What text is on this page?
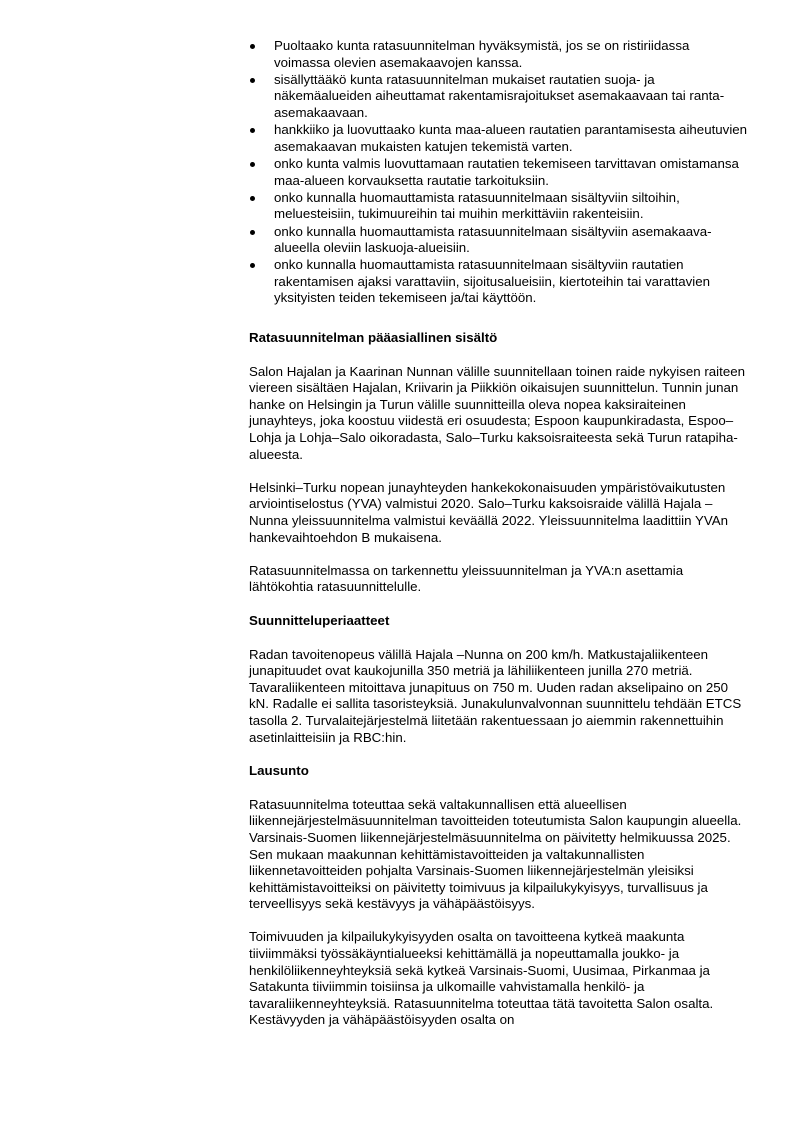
Puoltaako kunta ratasuunnitelman hyväksymistä, jos se on ristiriidassa voimassa olevien asemakaavojen kanssa.
sisällyttääkö kunta ratasuunnitelman mukaiset rautatien suoja- ja näkemäalueiden aiheuttamat rakentamisrajoitukset asemakaavaan tai ranta-asemakaavaan.
hankkiiko ja luovuttaako kunta maa-alueen rautatien parantamisesta aiheutuvien asemakaavan mukaisten katujen tekemistä varten.
onko kunta valmis luovuttamaan rautatien tekemiseen tarvittavan omistamansa maa-alueen korvauksetta rautatie tarkoituksiin.
onko kunnalla huomauttamista ratasuunnitelmaan sisältyviin siltoihin, meluesteisiin, tukimuureihin tai muihin merkittäviin rakenteisiin.
onko kunnalla huomauttamista ratasuunnitelmaan sisältyviin asemakaava-alueella oleviin laskuoja-alueisiin.
onko kunnalla huomauttamista ratasuunnitelmaan sisältyviin rautatien rakentamisen ajaksi varattaviin, sijoitusalueisiin, kiertoteihin tai varattavien yksityisten teiden tekemiseen ja/tai käyttöön.
Ratasuunnitelman pääasiallinen sisältö

Salon Hajalan ja Kaarinan Nunnan välille suunnitellaan toinen raide nykyisen raiteen viereen sisältäen Hajalan, Kriivarin ja Piikkiön oikaisujen suunnittelun. Tunnin junan hanke on Helsingin ja Turun välille suunnitteilla oleva nopea kaksiraiteinen junayhteys, joka koostuu viidestä eri osuudesta; Espoon kaupunkiradasta, Espoo–Lohja ja Lohja–Salo oikoradasta, Salo–Turku kaksoisraiteesta sekä Turun ratapiha-alueesta.

Helsinki–Turku nopean junayhteyden hankekokonaisuuden ympäristövaikutusten arviointiselostus (YVA) valmistui 2020. Salo–Turku kaksoisraide välillä Hajala –Nunna yleissuunnitelma valmistui keväällä 2022. Yleissuunnitelma laadittiin YVAn hankevaihtoehdon B mukaisena.

Ratasuunnitelmassa on tarkennettu yleissuunnitelman ja YVA:n asettamia lähtökohtia ratasuunnittelulle.

Suunnitteluperiaatteet

Radan tavoitenopeus välillä Hajala –Nunna on 200 km/h. Matkustajaliikenteen junapituudet ovat kaukojunilla 350 metriä ja lähiliikenteen junilla 270 metriä. Tavaraliikenteen mitoittava junapituus on 750 m. Uuden radan akselipaino on 250 kN. Radalle ei sallita tasoristeyksiä. Junakulunvalvonnan suunnittelu tehdään ETCS tasolla 2. Turvalaitejärjestelmä liitetään rakentuessaan jo aiemmin rakennettuihin asetinlaitteisiin ja RBC:hin.

Lausunto

Ratasuunnitelma toteuttaa sekä valtakunnallisen että alueellisen liikennejärjestelmäsuunnitelman tavoitteiden toteutumista Salon kaupungin alueella. Varsinais-Suomen liikennejärjestelmäsuunnitelma on päivitetty helmikuussa 2025. Sen mukaan maakunnan kehittämistavoitteiden ja valtakunnallisten liikennetavoitteiden pohjalta Varsinais-Suomen liikennejärjestelmän yleisiksi kehittämistavoitteiksi on päivitetty toimivuus ja kilpailukykyisyys, turvallisuus ja terveellisyys sekä kestävyys ja vähäpäästöisyys.

Toimivuuden ja kilpailukykyisyyden osalta on tavoitteena kytkeä maakunta tiiviimmäksi työssäkäyntialueeksi kehittämällä ja nopeuttamalla joukko- ja henkilöliikenneyhteyksiä sekä kytkeä Varsinais-Suomi, Uusimaa, Pirkanmaa ja Satakunta tiiviimmin toisiinsa ja ulkomaille vahvistamalla henkilö- ja tavaraliikenneyhteyksiä. Ratasuunnitelma toteuttaa tätä tavoitetta Salon osalta. Kestävyyden ja vähäpäästöisyyden osalta on
